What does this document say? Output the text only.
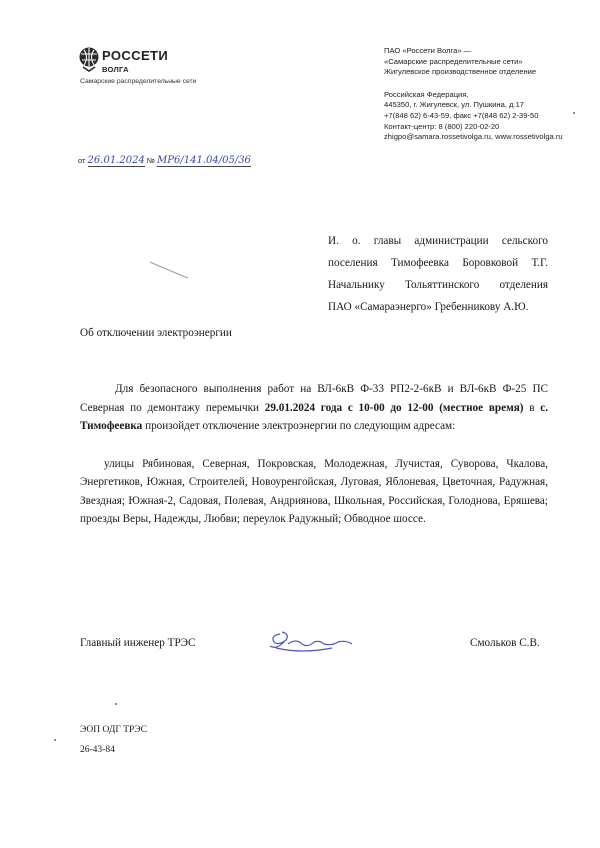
РОССЕТИ
ВОЛГА
Самарские распределительные сети
ПАО «Россети Волга» —
«Самарские распределительные сети»
Жигулевское производственное отделение
Российская Федерация,
445350, г. Жигулевск, ул. Пушкина, д.17
+7(848 62) 6-43-59, факс +7(848 62) 2-39-50
Контакт-центр: 8 (800) 220-02-20
zhigpo@samara.rossetivolga.ru, www.rossetivolga.ru
от 26.01.2024 № МР6/141.04/05/36
И. о. главы администрации сельского
поселения Тимофеевка Боровковой Т.Г.
Начальнику Тольяттинского отделения
ПАО «Самараэнерго» Гребенникову А.Ю.
Об отключении электроэнергии

Для безопасного выполнения работ на ВЛ-6кВ Ф-33 РП2-2-6кВ и ВЛ-6кВ Ф-25 ПС Северная по демонтажу перемычки 29.01.2024 года с 10-00 до 12-00 (местное время) в с. Тимофеевка произойдет отключение электроэнергии по следующим адресам:

улицы Рябиновая, Северная, Покровская, Молодежная, Лучистая, Суворова, Чкалова, Энергетиков, Южная, Строителей, Новоуренгойская, Луговая, Яблоневая, Цветочная, Радужная, Звездная; Южная-2, Садовая, Полевая, Андриянова, Школьная, Российская, Голоднова, Еряшева; проезды Веры, Надежды, Любви; переулок Радужный; Обводное шоссе.

Главный инженер ТРЭС	Смольков С.В.
ЭОП ОДГ ТРЭС
26-43-84
